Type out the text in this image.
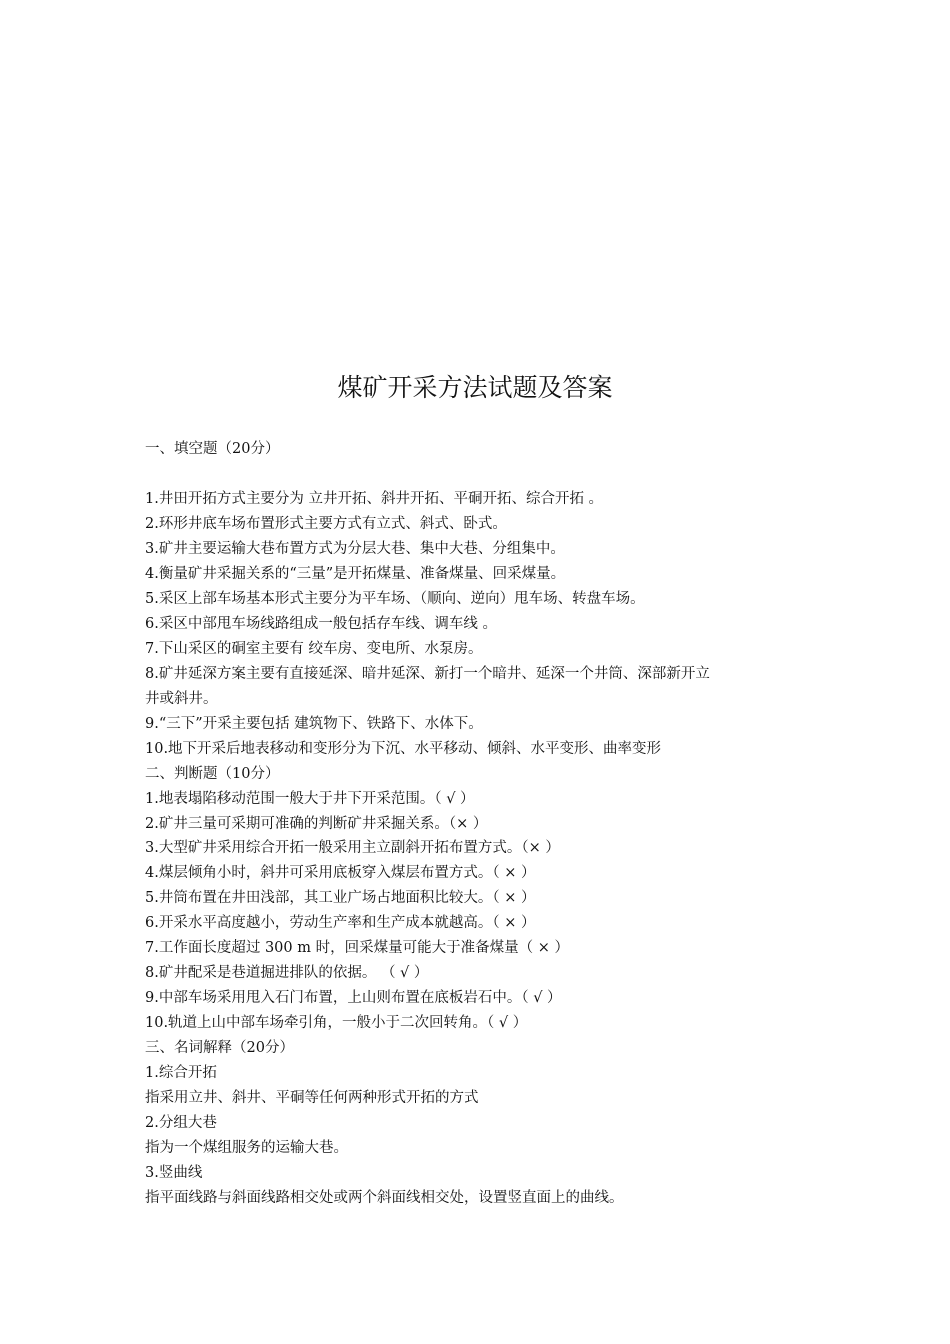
煤矿开采方法试题及答案
一、填空题（20分）
1.井田开拓方式主要分为 立井开拓、斜井开拓、平硐开拓、综合开拓 。
2.环形井底车场布置形式主要方式有立式、斜式、卧式。
3.矿井主要运输大巷布置方式为分层大巷、集中大巷、分组集中。
4.衡量矿井采掘关系的“三量”是开拓煤量、准备煤量、回采煤量。
5.采区上部车场基本形式主要分为平车场、（顺向、逆向）甩车场、转盘车场。
6.采区中部甩车场线路组成一般包括存车线、调车线 。
7.下山采区的硐室主要有 绞车房、变电所、水泵房。
8.矿井延深方案主要有直接延深、暗井延深、新打一个暗井、延深一个井筒、深部新开立
井或斜井。
9.“三下”开采主要包括 建筑物下、铁路下、水体下。
10.地下开采后地表移动和变形分为下沉、水平移动、倾斜、水平变形、曲率变形
二、判断题（10分）
1.地表塌陷移动范围一般大于井下开采范围。（ √ ）
2.矿井三量可采期可准确的判断矿井采掘关系。（× ）
3.大型矿井采用综合开拓一般采用主立副斜开拓布置方式。（× ）
4.煤层倾角小时，斜井可采用底板穿入煤层布置方式。（ × ）
5.井筒布置在井田浅部，其工业广场占地面积比较大。（ × ）
6.开采水平高度越小，劳动生产率和生产成本就越高。（ × ）
7.工作面长度超过 300 m 时，回采煤量可能大于准备煤量（ × ）
8.矿井配采是巷道掘进排队的依据。 （ √ ）
9.中部车场采用甩入石门布置，上山则布置在底板岩石中。（ √ ）
10.轨道上山中部车场牵引角，一般小于二次回转角。（ √ ）
三、名词解释（20分）
1.综合开拓
指采用立井、斜井、平硐等任何两种形式开拓的方式
2.分组大巷
指为一个煤组服务的运输大巷。
3.竖曲线
指平面线路与斜面线路相交处或两个斜面线相交处，设置竖直面上的曲线。
